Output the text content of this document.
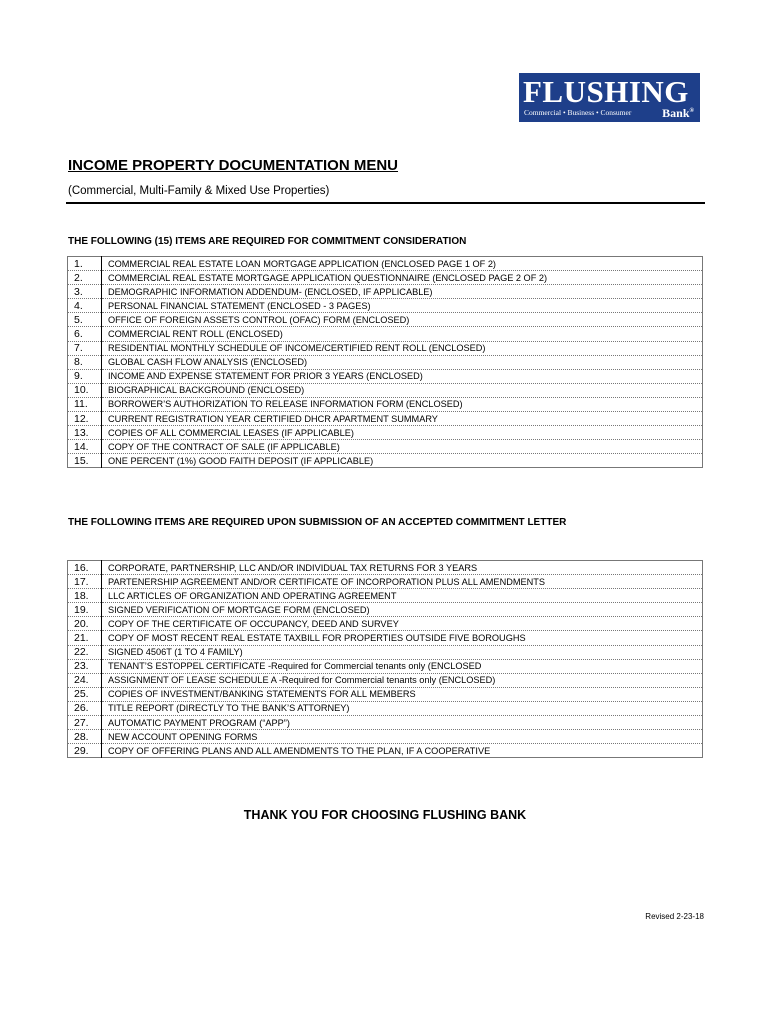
FLUSHING
Commercial • Business • Consumer	Bank®
INCOME PROPERTY DOCUMENTATION MENU
(Commercial, Multi-Family & Mixed Use Properties)
THE FOLLOWING (15) ITEMS ARE REQUIRED FOR COMMITMENT CONSIDERATION
1.	COMMERCIAL REAL ESTATE LOAN MORTGAGE APPLICATION (ENCLOSED PAGE 1 OF 2)
2.	COMMERCIAL REAL ESTATE MORTGAGE APPLICATION QUESTIONNAIRE (ENCLOSED PAGE 2 OF 2)
3.	DEMOGRAPHIC INFORMATION ADDENDUM- (ENCLOSED, IF APPLICABLE)
4.	PERSONAL FINANCIAL STATEMENT (ENCLOSED - 3 PAGES)
5.	OFFICE OF FOREIGN ASSETS CONTROL (OFAC) FORM (ENCLOSED)
6.	COMMERCIAL RENT ROLL (ENCLOSED)
7.	RESIDENTIAL MONTHLY SCHEDULE OF INCOME/CERTIFIED RENT ROLL (ENCLOSED)
8.	GLOBAL CASH FLOW ANALYSIS (ENCLOSED)
9.	INCOME AND EXPENSE STATEMENT FOR PRIOR 3 YEARS (ENCLOSED)
10.	BIOGRAPHICAL BACKGROUND (ENCLOSED)
11.	BORROWER’S AUTHORIZATION TO RELEASE INFORMATION FORM (ENCLOSED)
12.	CURRENT REGISTRATION YEAR CERTIFIED DHCR APARTMENT SUMMARY
13.	COPIES OF ALL COMMERCIAL LEASES (IF APPLICABLE)
14.	COPY OF THE CONTRACT OF SALE (IF APPLICABLE)
15.	ONE PERCENT (1%) GOOD FAITH DEPOSIT (IF APPLICABLE)
THE FOLLOWING ITEMS ARE REQUIRED UPON SUBMISSION OF AN ACCEPTED COMMITMENT LETTER
16.	CORPORATE, PARTNERSHIP, LLC AND/OR INDIVIDUAL TAX RETURNS FOR 3 YEARS
17.	PARTENERSHIP AGREEMENT AND/OR CERTIFICATE OF INCORPORATION PLUS ALL AMENDMENTS
18.	LLC ARTICLES OF ORGANIZATION AND OPERATING AGREEMENT
19.	SIGNED VERIFICATION OF MORTGAGE FORM (ENCLOSED)
20.	COPY OF THE CERTIFICATE OF OCCUPANCY, DEED AND SURVEY
21.	COPY OF MOST RECENT REAL ESTATE TAXBILL FOR PROPERTIES OUTSIDE FIVE BOROUGHS
22.	SIGNED 4506T (1 TO 4 FAMILY)
23.	TENANT’S ESTOPPEL CERTIFICATE -Required for Commercial tenants only (ENCLOSED
24.	ASSIGNMENT OF LEASE SCHEDULE A -Required for Commercial tenants only (ENCLOSED)
25.	COPIES OF INVESTMENT/BANKING STATEMENTS FOR ALL MEMBERS
26.	TITLE REPORT (DIRECTLY TO THE BANK’S ATTORNEY)
27.	AUTOMATIC PAYMENT PROGRAM (“APP”)
28.	NEW ACCOUNT OPENING FORMS
29.	COPY OF OFFERING PLANS AND ALL AMENDMENTS TO THE PLAN, IF A COOPERATIVE
THANK YOU FOR CHOOSING FLUSHING BANK
Revised 2-23-18
